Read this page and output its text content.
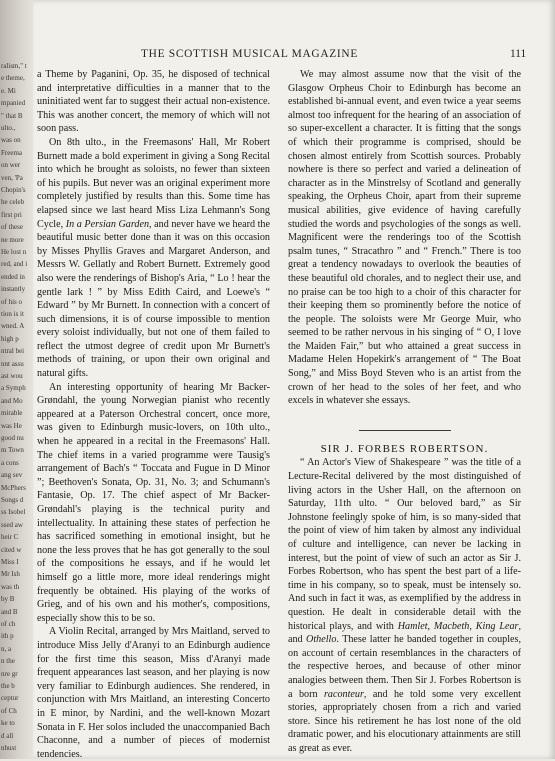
ralism," t
e theme,
e. Mi
mpanied
" that B
ulto.,
was on
Freema
on wer
ven, 'Pa
Chopin's
he celeb
first pri
of these
ne more
He lost n
red, and i
ended in
instantly
of his o
tion is it
wned. A
high p
ntral bei
nnt assu
ast wou
a Symph
and Mo
mirable
was He
good nu
m Town
a cons
ang sev
McPhers
Songs d
ss Isobel
ssed aw
heir C
cited w
Miss I
Mr Ish
was th
by B
and B
of ch
ith p
n, a
n the
nre gr
the b
ceptur
of Ch
ke to
d all
nhust
THE SCOTTISH MUSICAL MAGAZINE	111

a Theme by Paganini, Op. 35, he disposed of technical and interpretative difficulties in a manner that to the uninitiated went far to suggest their actual non-existence. This was another concert, the memory of which will not soon pass.

On 8th ulto., in the Freemasons' Hall, Mr Robert Burnett made a bold experiment in giving a Song Recital into which he brought as soloists, no fewer than sixteen of his pupils. But never was an original experiment more completely justified by results than this. Some time has elapsed since we last heard Miss Liza Lehmann's Song Cycle, In a Persian Garden, and never have we heard the beautiful music better done than it was on this occasion by Misses Phyllis Graves and Margaret Anderson, and Messrs W. Gellatly and Robert Burnett. Extremely good also were the renderings of Bishop's Aria, “ Lo ! hear the gentle lark ! ” by Miss Edith Caird, and Loewe's “ Edward ” by Mr Burnett. In connection with a concert of such dimensions, it is of course impossible to mention every soloist individually, but not one of them failed to reflect the utmost degree of credit upon Mr Burnett's methods of training, or upon their own original and natural gifts.

An interesting opportunity of hearing Mr Backer-Grøndahl, the young Norwegian pianist who recently appeared at a Paterson Orchestral concert, once more, was given to Edinburgh music-lovers, on 10th ulto., when he appeared in a recital in the Freemasons' Hall. The chief items in a varied programme were Tausig's arrangement of Bach's “ Toccata and Fugue in D Minor ”; Beethoven's Sonata, Op. 31, No. 3; and Schumann's Fantasie, Op. 17. The chief aspect of Mr Backer-Grøndahl's playing is the technical purity and intellectuality. In attaining these states of perfection he has sacrificed something in emotional insight, but he none the less proves that he has got generally to the soul of the compositions he essays, and if he would let himself go a little more, more ideal renderings might frequently be obtained. His playing of the works of Grieg, and of his own and his mother's, compositions, especially show this to be so.

A Violin Recital, arranged by Mrs Maitland, served to introduce Miss Jelly d'Aranyi to an Edinburgh audience for the first time this season, Miss d'Aranyi made frequent appearances last season, and her playing is now very familiar to Edinburgh audiences. She rendered, in conjunction with Mrs Maitland, an interesting Concerto in E minor, by Nardini, and the well-known Mozart Sonata in F. Her solos included the unaccompanied Bach Chaconne, and a number of pieces of modernist tendencies.

We may almost assume now that the visit of the Glasgow Orpheus Choir to Edinburgh has become an established bi-annual event, and even twice a year seems almost too infrequent for the hearing of an association of so super-excellent a character. It is fitting that the songs of which their programme is comprised, should be chosen almost entirely from Scottish sources. Probably nowhere is there so perfect and varied a delineation of character as in the Minstrelsy of Scotland and generally speaking, the Orpheus Choir, apart from their supreme musical abilities, give evidence of having carefully studied the words and psychologies of the songs as well. Magnificent were the renderings too of the Scottish psalm tunes, “ Stracathro ” and “ French.” There is too great a tendency nowadays to overlook the beauties of these beautiful old chorales, and to neglect their use, and no praise can be too high to a choir of this character for their keeping them so prominently before the notice of the people. The soloists were Mr George Muir, who seemed to be rather nervous in his singing of “ O, I love the Maiden Fair,” but who attained a great success in Madame Helen Hopekirk's arrangement of “ The Boat Song,” and Miss Boyd Steven who is an artist from the crown of her head to the soles of her feet, and who excels in whatever she essays.

SIR J. FORBES ROBERTSON.

“ An Actor's View of Shakespeare ” was the title of a Lecture-Recital delivered by the most distinguished of living actors in the Usher Hall, on the afternoon on Saturday, 11th ulto. “ Our beloved bard,” as Sir Johnstone feelingly spoke of him, is so many-sided that the point of view of him taken by almost any individual of culture and intelligence, can never be lacking in interest, but the point of view of such an actor as Sir J. Forbes Robertson, who has spent the best part of a life-time in his company, so to speak, must be intensely so. And such in fact it was, as exemplified by the address in question. He dealt in considerable detail with the historical plays, and with Hamlet, Macbeth, King Lear, and Othello. These latter he banded together in couples, on account of certain resemblances in the characters of the respective heroes, and because of other minor analogies between them. Then Sir J. Forbes Robertson is a born raconteur, and he told some very excellent stories, appropriately chosen from a rich and varied store. Since his retirement he has lost none of the old dramatic power, and his elocutionary attainments are still as great as ever.
